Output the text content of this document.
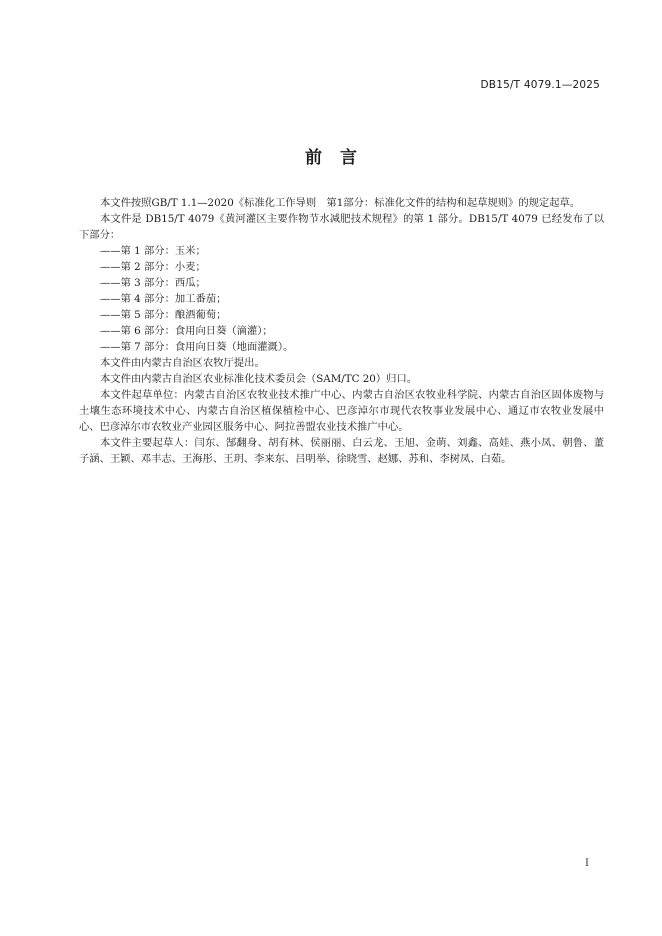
DB15/T 4079.1—2025
前言

本文件按照GB/T 1.1—2020《标准化工作导则　第1部分：标准化文件的结构和起草规则》的规定起草。

本文件是 DB15/T 4079《黄河灌区主要作物节水减肥技术规程》的第 1 部分。DB15/T 4079 已经发布了以下部分：

——第 1 部分：玉米；

——第 2 部分：小麦；

——第 3 部分：西瓜；

——第 4 部分：加工番茄；

——第 5 部分：酿酒葡萄；

——第 6 部分：食用向日葵（滴灌）；

——第 7 部分：食用向日葵（地面灌溉）。

本文件由内蒙古自治区农牧厅提出。

本文件由内蒙古自治区农业标准化技术委员会（SAM/TC 20）归口。

本文件起草单位：内蒙古自治区农牧业技术推广中心、内蒙古自治区农牧业科学院、内蒙古自治区固体废物与土壤生态环境技术中心、内蒙古自治区植保植检中心、巴彦淖尔市现代农牧事业发展中心、通辽市农牧业发展中心、巴彦淖尔市农牧业产业园区服务中心、阿拉善盟农业技术推广中心。

本文件主要起草人：闫东、郜翻身、胡有林、侯丽丽、白云龙、王旭、金萌、刘鑫、高娃、燕小凤、朝鲁、董子涵、王颖、邓丰志、王海彤、王玥、李来东、吕明举、徐晓雪、赵娜、苏和、李树凤、白茹。

I
